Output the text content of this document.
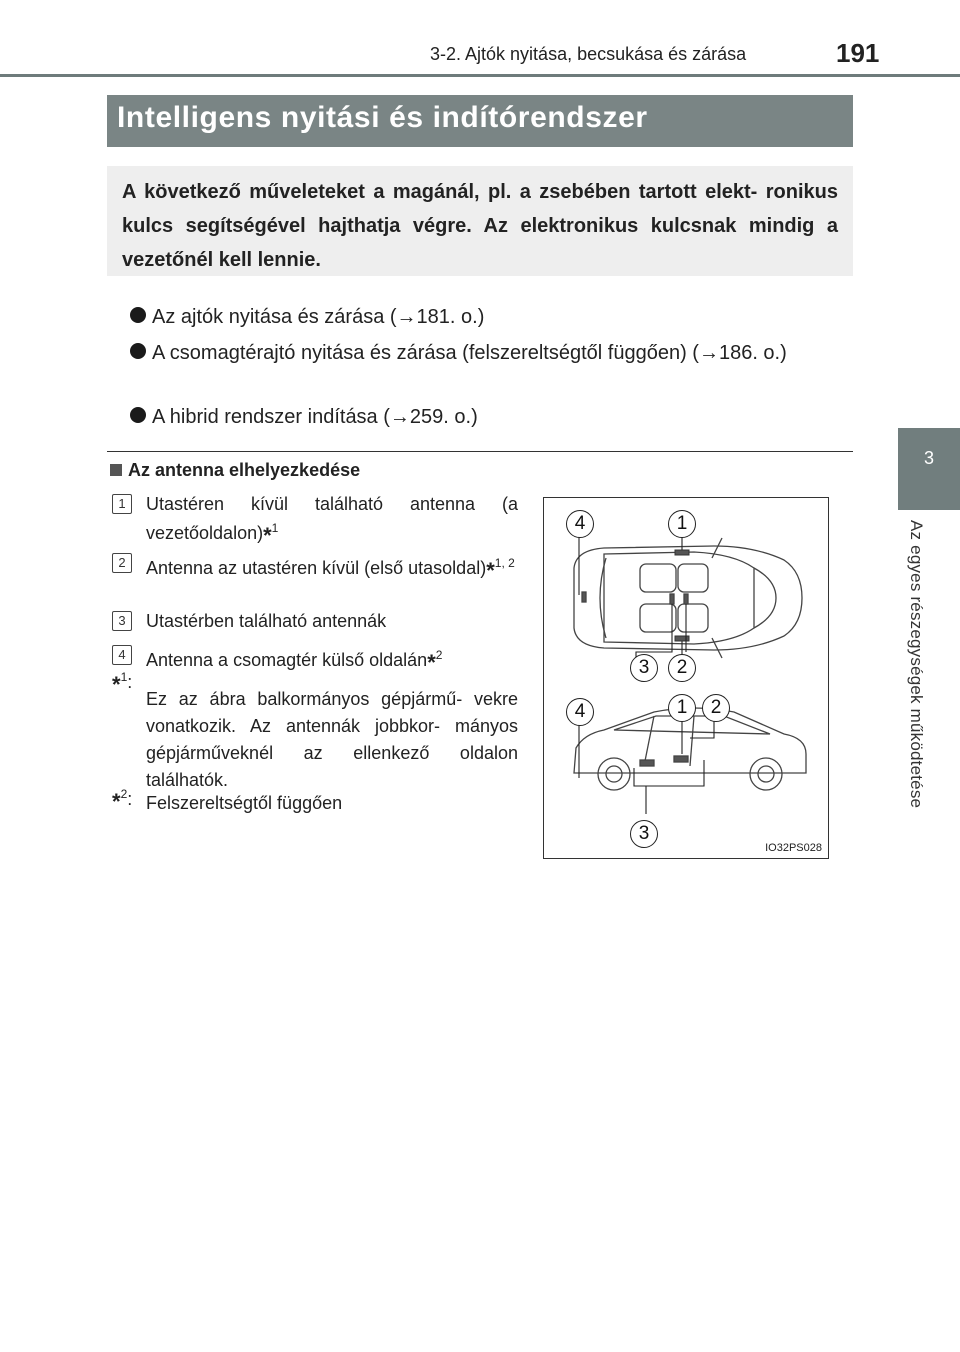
3-2. Ajtók nyitása, becsukása és zárása	191
3
Az egyes részegységek működtetése
Intelligens nyitási és indítórendszer
A következő műveleteket a magánál, pl. a zsebében tartott elekt- ronikus kulcs segítségével hajthatja végre. Az elektronikus kulcsnak mindig a vezetőnél kell lennie.
Az ajtók nyitása és zárása (→181. o.)
A csomagtérajtó nyitása és zárása (felszereltségtől függően) (→186. o.)
A hibrid rendszer indítása (→259. o.)
Az antenna elhelyezkedése
1	Utastéren kívül található antenna (a vezetőoldalon)*$^1$
2	Antenna az utastéren kívül (első utasoldal)*$^{1, 2}$
3	Utastérben található antennák
4	Antenna a csomagtér külső oldalán*$^2$
*$^1$:
Ez az ábra balkormányos gépjármű- vekre vonatkozik. Az antennák jobbkor- mányos gépjárműveknél az ellenkező oldalon találhatók.
*$^2$: Felszereltségtől függően
4	1
3	2
4	1	2
3
IO32PS028
